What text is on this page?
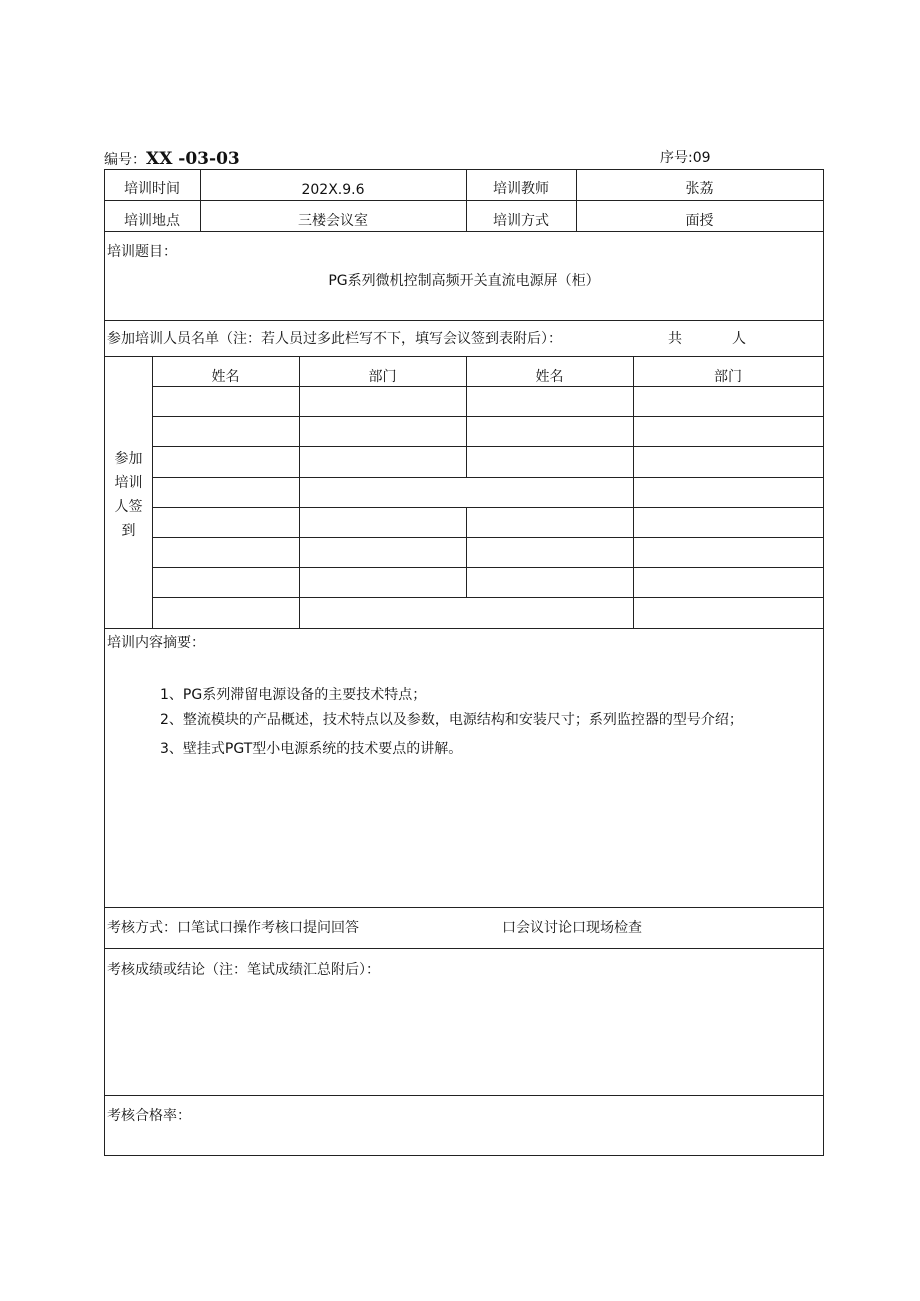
编号：XX -03-03	序号:09
培训时间	202X.9.6	培训教师	张荔
培训地点	三楼会议室	培训方式	面授
培训题目：
PG系列微机控制高频开关直流电源屏（柜）
参加培训人员名单（注：若人员过多此栏写不下，填写会议签到表附后）：	共	人
参加
培训
人签
到
姓名	部门	姓名	部门
培训内容摘要：
1、PG系列滞留电源设备的主要技术特点；
2、整流模块的产品概述，技术特点以及参数，电源结构和安装尺寸；系列监控器的型号介绍；
3、壁挂式PGT型小电源系统的技术要点的讲解。
考核方式：口笔试口操作考核口提问回答	口会议讨论口现场检查
考核成绩或结论（注：笔试成绩汇总附后）：
考核合格率：
